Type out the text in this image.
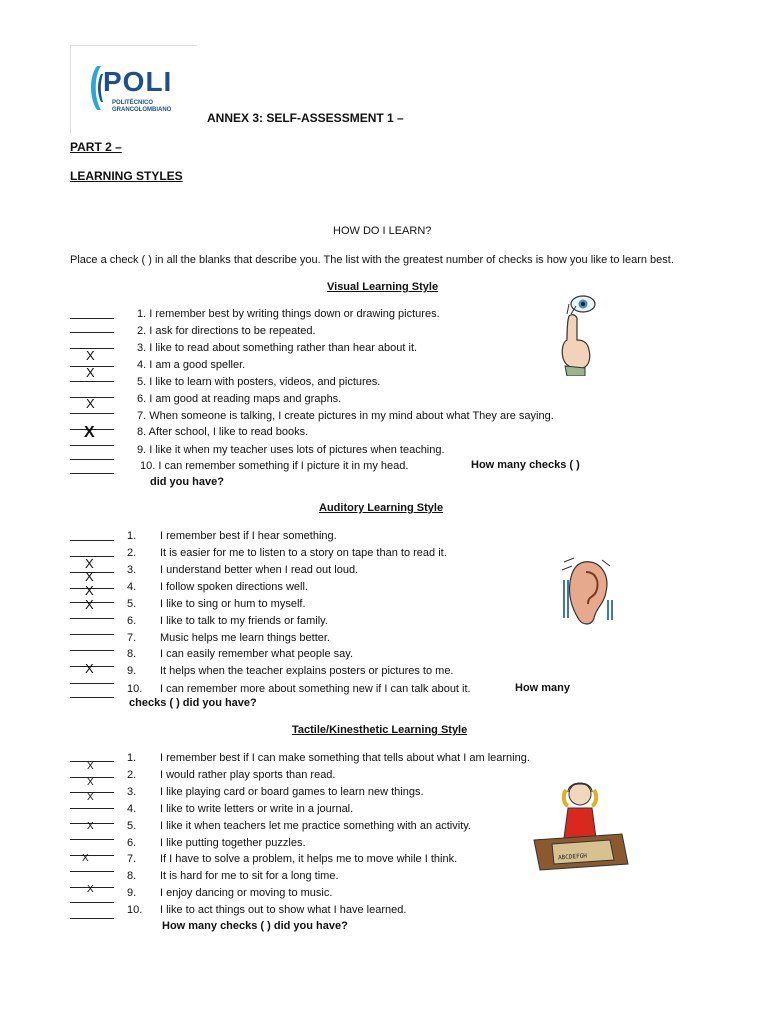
POLI
POLITÉCNICO
GRANCOLOMBIANO
ANNEX 3: SELF-ASSESSMENT 1 –
PART 2 –
LEARNING STYLES
HOW DO I LEARN?
Place a check ( ) in all the blanks that describe you. The list with the greatest number of checks is how you like to learn best.
Visual Learning Style
X
X
X
X
1. I remember best by writing things down or drawing pictures.
2. I ask for directions to be repeated.
3. I like to read about something rather than hear about it.
4. I am a good speller.
5. I like to learn with posters, videos, and pictures.
6. I am good at reading maps and graphs.
7. When someone is talking, I create pictures in my mind about what They are saying.
8. After school, I like to read books.
9. I like it when my teacher uses lots of pictures when teaching.
10. I can remember something if I picture it in my head.	How many checks ( )
did you have?
Auditory Learning Style
X
X
X
X
X
1. I remember best if I hear something.
2. It is easier for me to listen to a story on tape than to read it.
3. I understand better when I read out loud.
4. I follow spoken directions well.
5. I like to sing or hum to myself.
6. I like to talk to my friends or family.
7. Music helps me learn things better.
8. I can easily remember what people say.
9. It helps when the teacher explains posters or pictures to me.
10. I can remember more about something new if I can talk about it.	How many
checks ( ) did you have?
Tactile/Kinesthetic Learning Style
X
X
X
X
X
X
1. I remember best if I can make something that tells about what I am learning.
2. I would rather play sports than read.
3. I like playing card or board games to learn new things.
4. I like to write letters or write in a journal.
5. I like it when teachers let me practice something with an activity.
6. I like putting together puzzles.
7. If I have to solve a problem, it helps me to move while I think.
8. It is hard for me to sit for a long time.
9. I enjoy dancing or moving to music.
10. I like to act things out to show what I have learned.
How many checks ( ) did you have?
ABCDEFGH
